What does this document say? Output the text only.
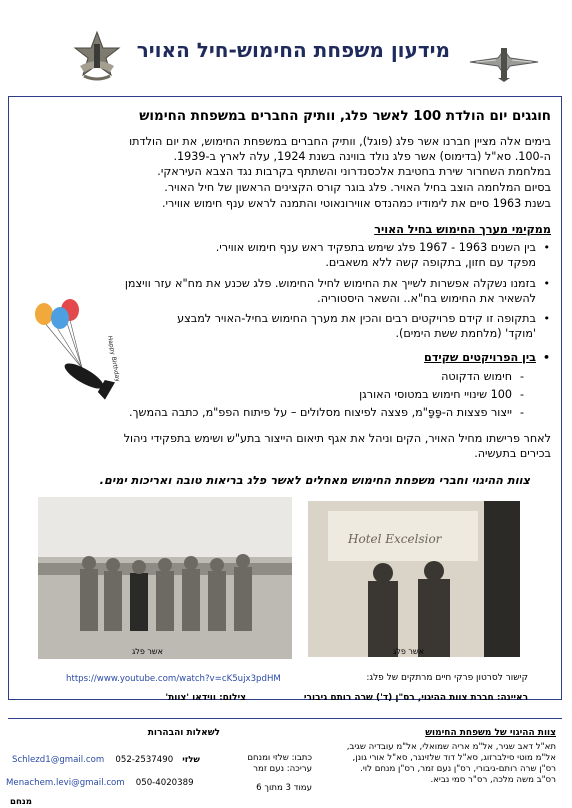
מידעון משפחת החימוש-חיל האויר
חוגגים יום הולדת 100 לאשר פלג, וותיק החברים במשפחת החימוש
בימים אלה מציין חברנו אשר פלג (פוגל), וותיק החברים במשפחת החימוש, את יום הולדתו
ה-100. סא"ל (בדימוס) אשר פלג נולד בווינה בשנת 1924, עלה לארץ ב-1939.
במלחמת השחרור שירת בחטיבת אלכסנדרוני והשתתף בקרבות נגד הצבא העיראקי.
בסיום המלחמה הוצב בחיל האויר. פלג בוגר קורס הקצינים הראשון של חיל האויר.
בשנת 1963 סיים את לימודיו כמהנדס אווירונאוטי והתמנה לראש ענף חימוש אווירי.
ממקימי מערך החימוש בחיל האויר
•
בין השנים 1963 - 1967 פלג שימש בתפקיד ראש ענף חימוש אווירי.
מפקד עם חזון, בתקופה קשה ללא משאבים.
•
בזמנו נשקלה אפשרות לשייך את החימוש לחיל החימוש. פלג שכנע את מח"א עזר וויצמן
להשאיר את החימוש בח"א.. והשאר היסטוריה.
•
בתקופה זו קידם פרויקטים רבים והכין את מערך החימוש בחיל-האויר למבצע
'מוקד' (מלחמת ששת הימים).
•
בין הפרויקטים שקידם
-
חימוש הדקוטה
-
100 שינויי חימוש במטוסי האורגן
-
ייצור פצצות ה-פָּפָּ"מ, פצצה לפיצוח מסלולים – על פיתוח הפפ"מ, כתבה בהמשך.
Happy Birthday
לאחר פרישתו מחיל האויר, הקים וניהל את אגף תיאום הייצור בתע"ש ושימש בתפקידי ניהול
בכירים בתעשיה.
צוות ההיגוי וחברי משפחת החימוש מאחלים לאשר פלג בריאות טובה ואריכות ימים.
אשר פלג
Hotel Excelsior
אשר פלג
קישור לסרטון פרקי חיים מרתקים של פלג:
https://www.youtube.com/watch?v=cK5ujx3pdHM
ראיינה: חברת צוות ההיגוי, רס"ן (ד') שרה רותם גיבורי
צילום: ווידאו 'צוות'
צוות ההיגוי של משפחת החימוש
תא"ל דאב שגיר, אל"מ אריה שמואלי, אל"מ עובדיה שגיב,
אל"מ מוטי סילברזוג, סא"ל דוד שלזינגר, סא"ל אורי גונן,
רס"ן שרה רותם-גיבורי, רס"ן נעם זמר, רס"ן מנחם לוי.
רס"ב משה מלכה, רס"ר סמי נביא.
כתבו: שלזי ומנחם
עריכה: נעם זמר
עמוד 3 מתוך 6
לשאלות והבהרות
Schlezd1@gmail.com 052-2537490 שלזי
Menachem.levi@gmail.com 050-4020389 מנחם
